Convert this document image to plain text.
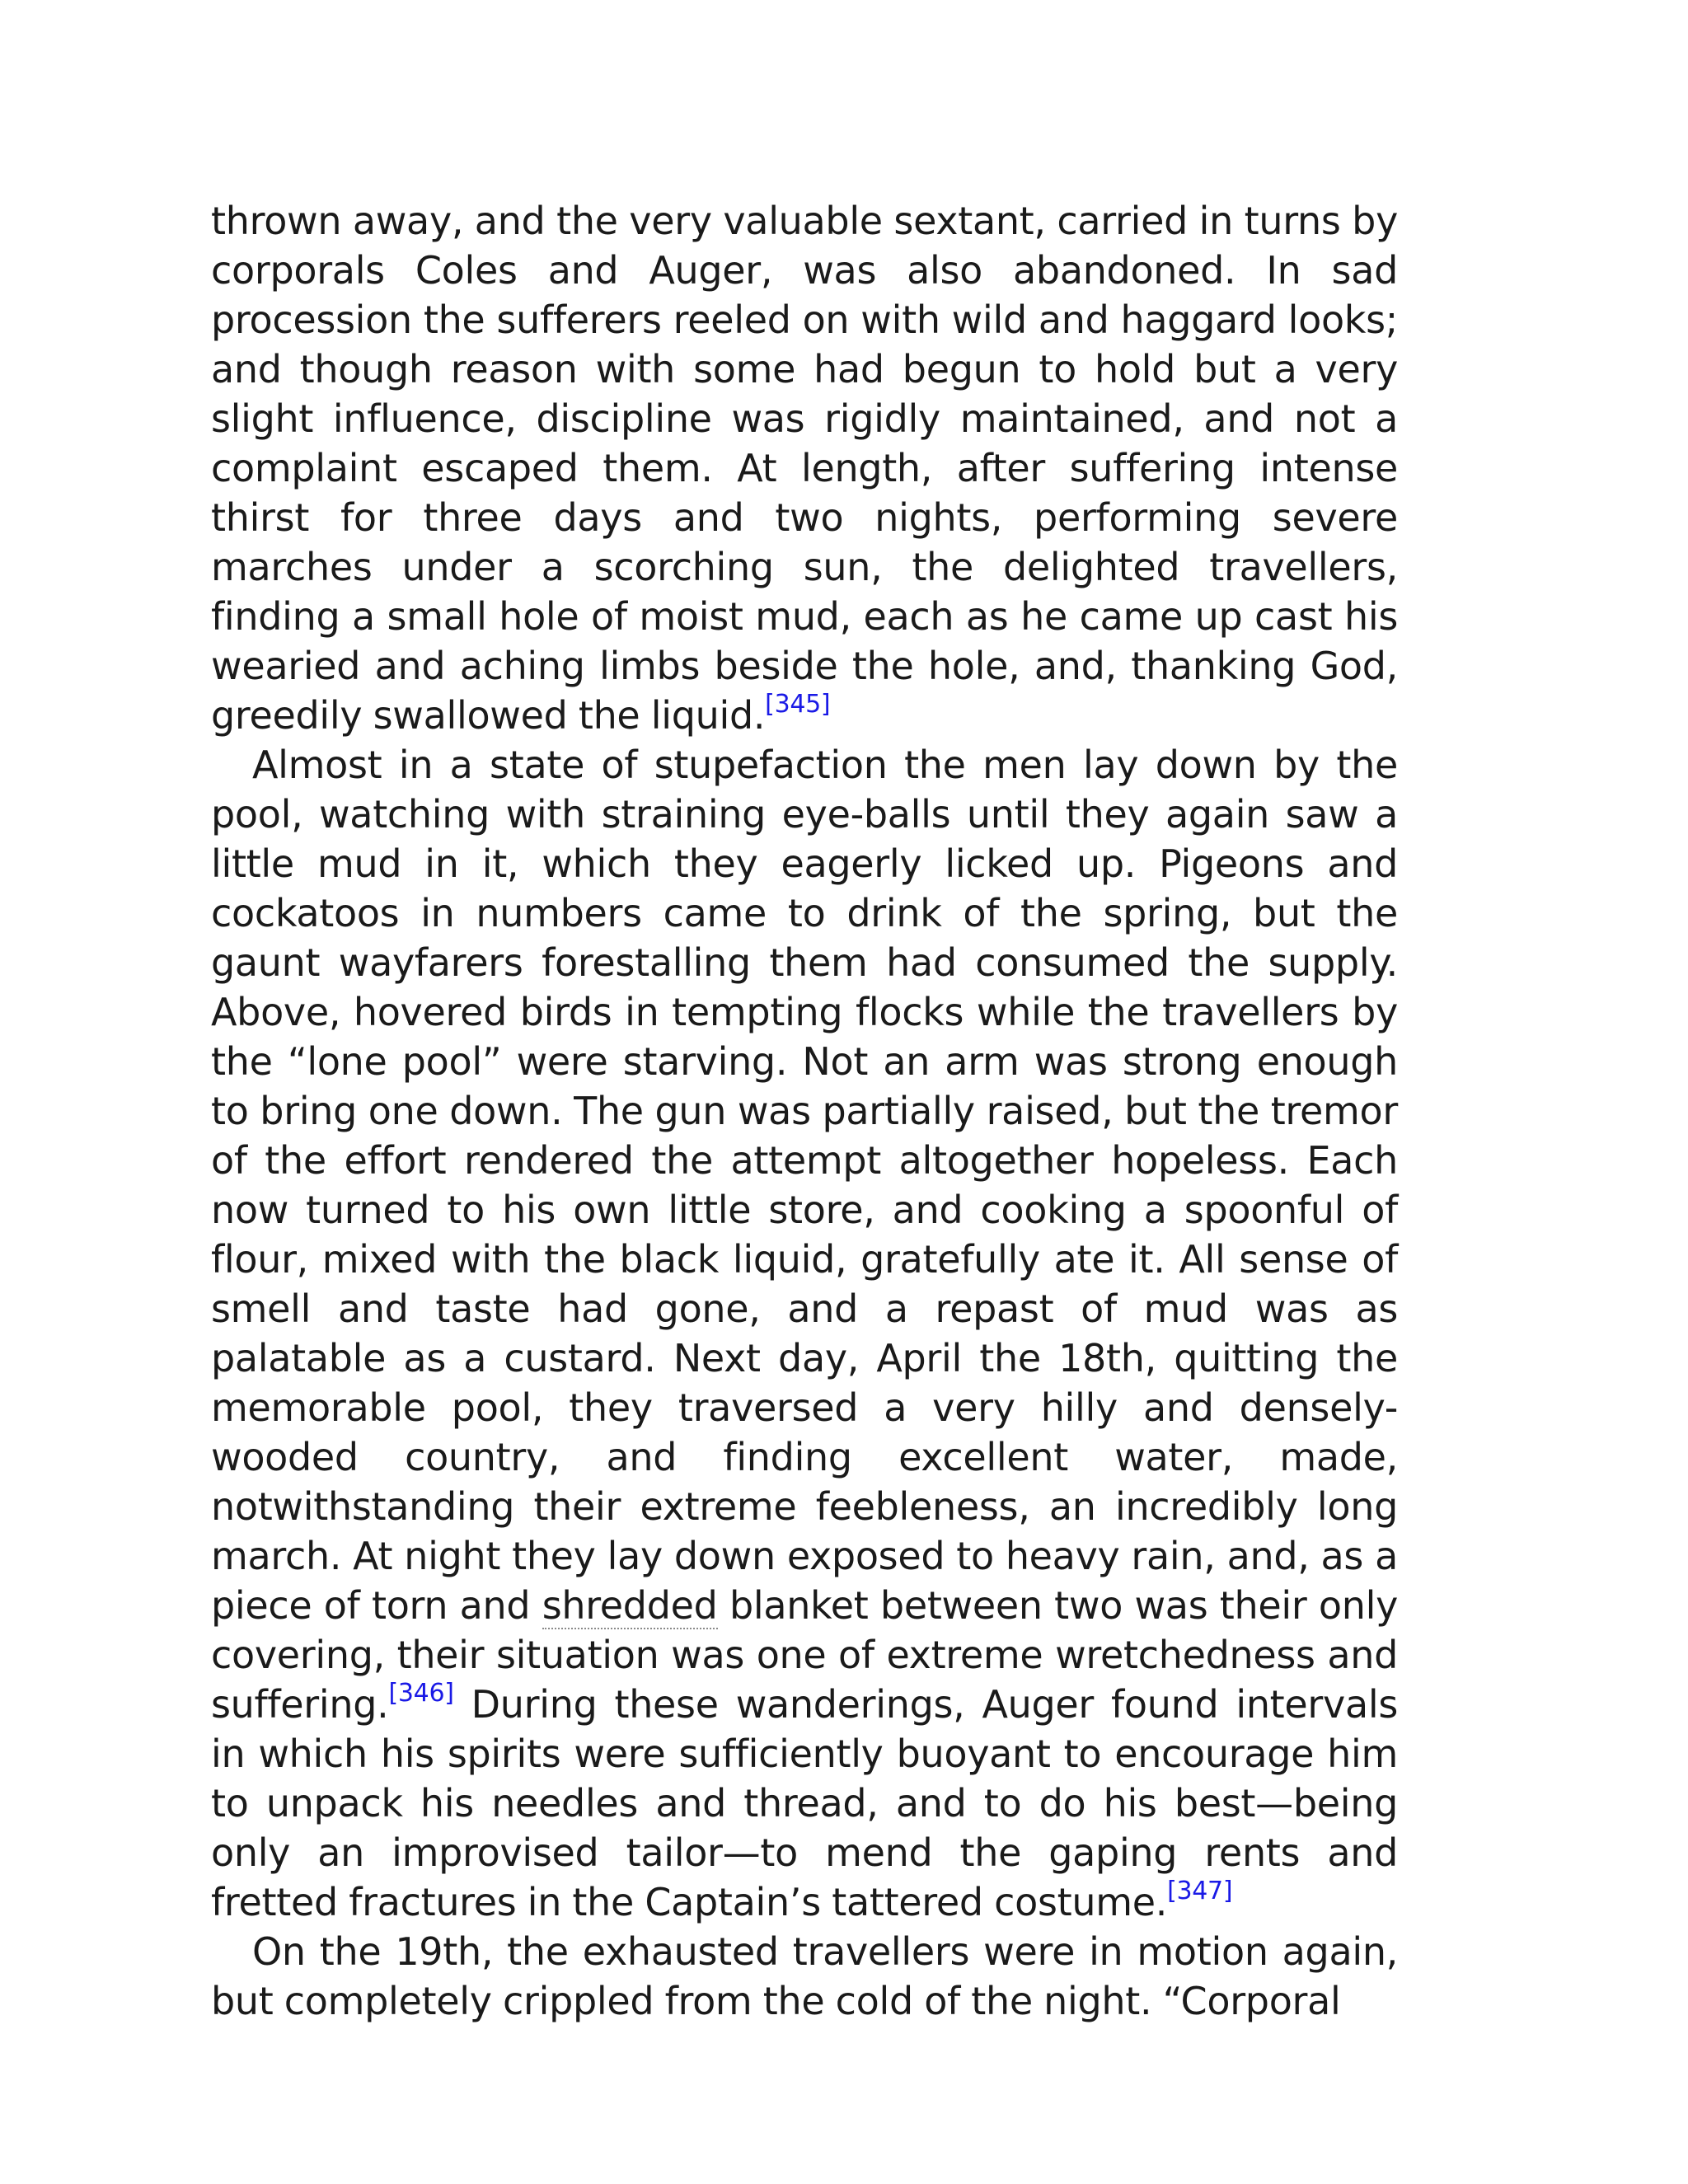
thrown away, and the very valuable sextant, carried in turns by corporals Coles and Auger, was also abandoned. In sad procession the sufferers reeled on with wild and haggard looks; and though reason with some had begun to hold but a very slight influence, discipline was rigidly maintained, and not a complaint escaped them. At length, after suffering intense thirst for three days and two nights, performing severe marches under a scorching sun, the delighted travellers, finding a small hole of moist mud, each as he came up cast his wearied and aching limbs beside the hole, and, thanking God, greedily swallowed the liquid.[345]

Almost in a state of stupefaction the men lay down by the pool, watching with straining eye-balls until they again saw a little mud in it, which they eagerly licked up. Pigeons and cockatoos in numbers came to drink of the spring, but the gaunt wayfarers forestalling them had consumed the supply. Above, hovered birds in tempting flocks while the travellers by the “lone pool” were starving. Not an arm was strong enough to bring one down. The gun was partially raised, but the tremor of the effort rendered the attempt altogether hopeless. Each now turned to his own little store, and cooking a spoonful of flour, mixed with the black liquid, gratefully ate it. All sense of smell and taste had gone, and a repast of mud was as palatable as a custard. Next day, April the 18th, quitting the memorable pool, they traversed a very hilly and densely-wooded country, and finding excellent water, made, notwithstanding their extreme feebleness, an incredibly long march. At night they lay down exposed to heavy rain, and, as a piece of torn and shredded blanket between two was their only covering, their situation was one of extreme wretchedness and suffering.[346] During these wanderings, Auger found intervals in which his spirits were sufficiently buoyant to encourage him to unpack his needles and thread, and to do his best—being only an improvised tailor—to mend the gaping rents and fretted fractures in the Captain’s tattered costume.[347]

On the 19th, the exhausted travellers were in motion again, but completely crippled from the cold of the night. “Corporal
